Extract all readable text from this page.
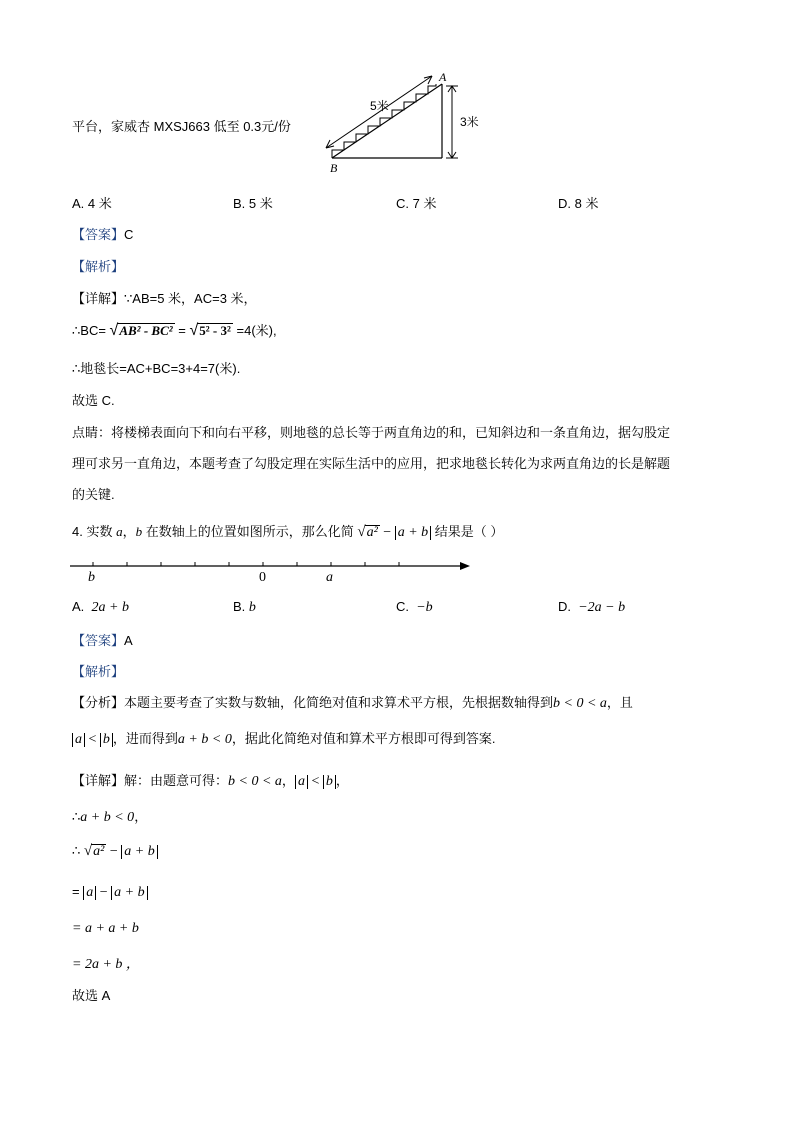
平台，家威杏 MXSJ663 低至 0.3元/份
A
B
5米
3米
A. 4 米	B. 5 米	C. 7 米	D. 8 米
【答案】C
【解析】
【详解】∵AB=5 米，AC=3 米，
∴BC= √AB² - BC² = √5² - 3² =4(米),
∴地毯长=AC+BC=3+4=7(米).
故选 C.
点睛：将楼梯表面向下和向右平移，则地毯的总长等于两直角边的和，已知斜边和一条直角边，据勾股定
理可求另一直角边，本题考查了勾股定理在实际生活中的应用，把求地毯长转化为求两直角边的长是解题
的关键.
4. 实数 a，b 在数轴上的位置如图所示，那么化简 √a² − a + b 结果是（ ）
b	0	a
A. 2a + b	B. b	C. −b	D. −2a − b
【答案】A
【解析】
【分析】本题主要考查了实数与数轴，化简绝对值和求算术平方根，先根据数轴得到b < 0 < a，且
a < b ，进而得到a + b < 0，据此化简绝对值和算术平方根即可得到答案.
【详解】解：由题意可得：b < 0 < a， a < b ，
∴a + b < 0，
∴ √a² − a + b
= a − a + b
= a + a + b
= 2a + b ，
故选 A
